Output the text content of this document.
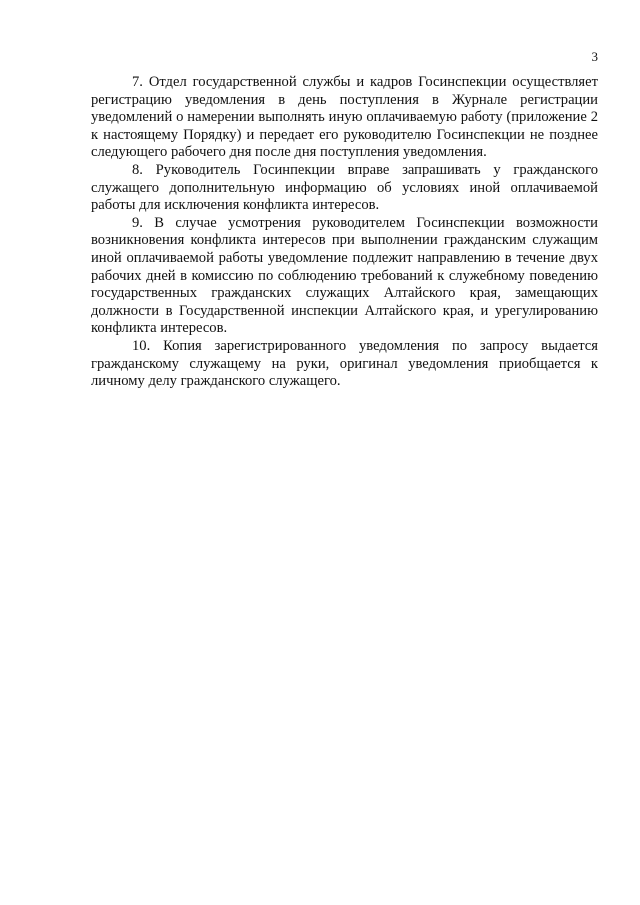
3

7. Отдел государственной службы и кадров Госинспекции осуществляет регистрацию уведомления в день поступления в Журнале регистрации уведомлений о намерении выполнять иную оплачиваемую работу (приложение 2 к настоящему Порядку) и передает его руководителю Госинспекции не позднее следующего рабочего дня после дня поступления уведомления.

8. Руководитель Госинпекции вправе запрашивать у гражданского служащего дополнительную информацию об условиях иной оплачиваемой работы для исключения конфликта интересов.

9. В случае усмотрения руководителем Госинспекции возможности возникновения конфликта интересов при выполнении гражданским служащим иной оплачиваемой работы уведомление подлежит направлению в течение двух рабочих дней в комиссию по соблюдению требований к служебному поведению государственных гражданских служащих Алтайского края, замещающих должности в Государственной инспекции Алтайского края, и урегулированию конфликта интересов.

10. Копия зарегистрированного уведомления по запросу выдается гражданскому служащему на руки, оригинал уведомления приобщается к личному делу гражданского служащего.
